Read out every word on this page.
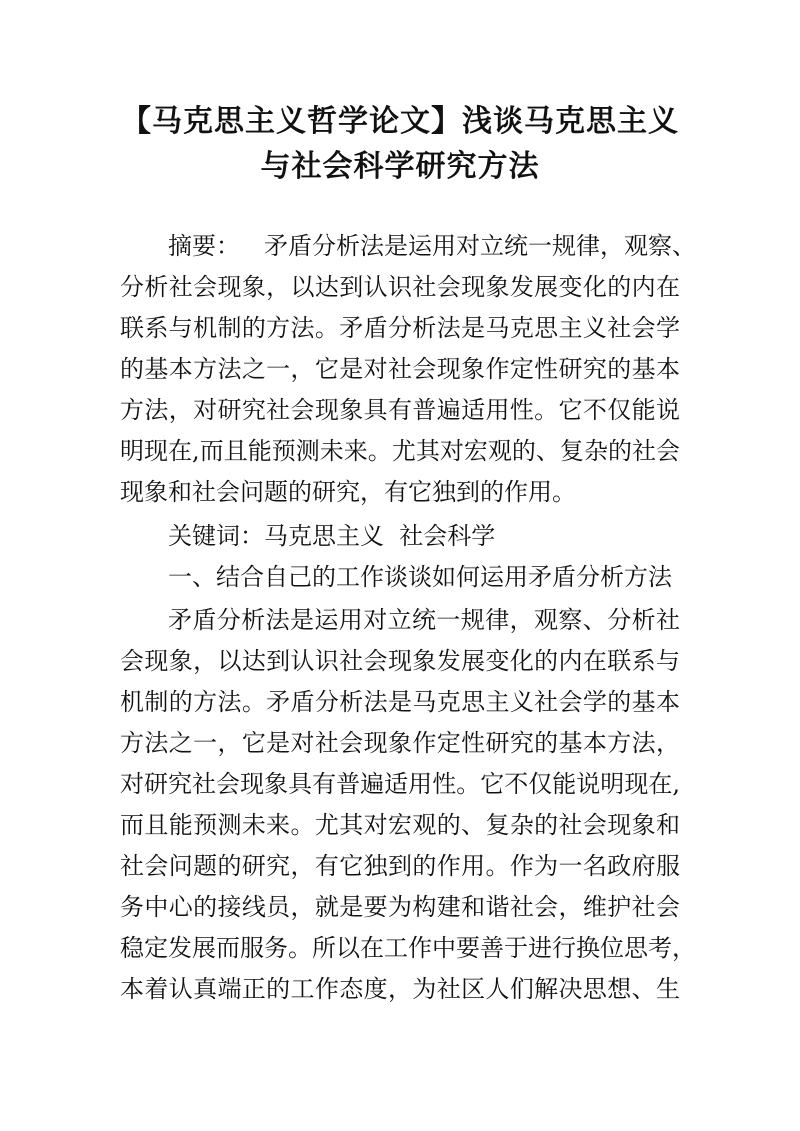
【马克思主义哲学论文】浅谈马克思主义
与社会科学研究方法
摘要： 矛盾分析法是运用对立统一规律，观察、
分析社会现象，以达到认识社会现象发展变化的内在
联系与机制的方法。矛盾分析法是马克思主义社会学
的基本方法之一，它是对社会现象作定性研究的基本
方法，对研究社会现象具有普遍适用性。它不仅能说
明现在,而且能预测未来。尤其对宏观的、复杂的社会
现象和社会问题的研究，有它独到的作用。
关键词：马克思主义  社会科学
一、结合自己的工作谈谈如何运用矛盾分析方法
矛盾分析法是运用对立统一规律，观察、分析社
会现象，以达到认识社会现象发展变化的内在联系与
机制的方法。矛盾分析法是马克思主义社会学的基本
方法之一，它是对社会现象作定性研究的基本方法，
对研究社会现象具有普遍适用性。它不仅能说明现在,
而且能预测未来。尤其对宏观的、复杂的社会现象和
社会问题的研究，有它独到的作用。作为一名政府服
务中心的接线员，就是要为构建和谐社会，维护社会
稳定发展而服务。所以在工作中要善于进行换位思考，
本着认真端正的工作态度，为社区人们解决思想、生
